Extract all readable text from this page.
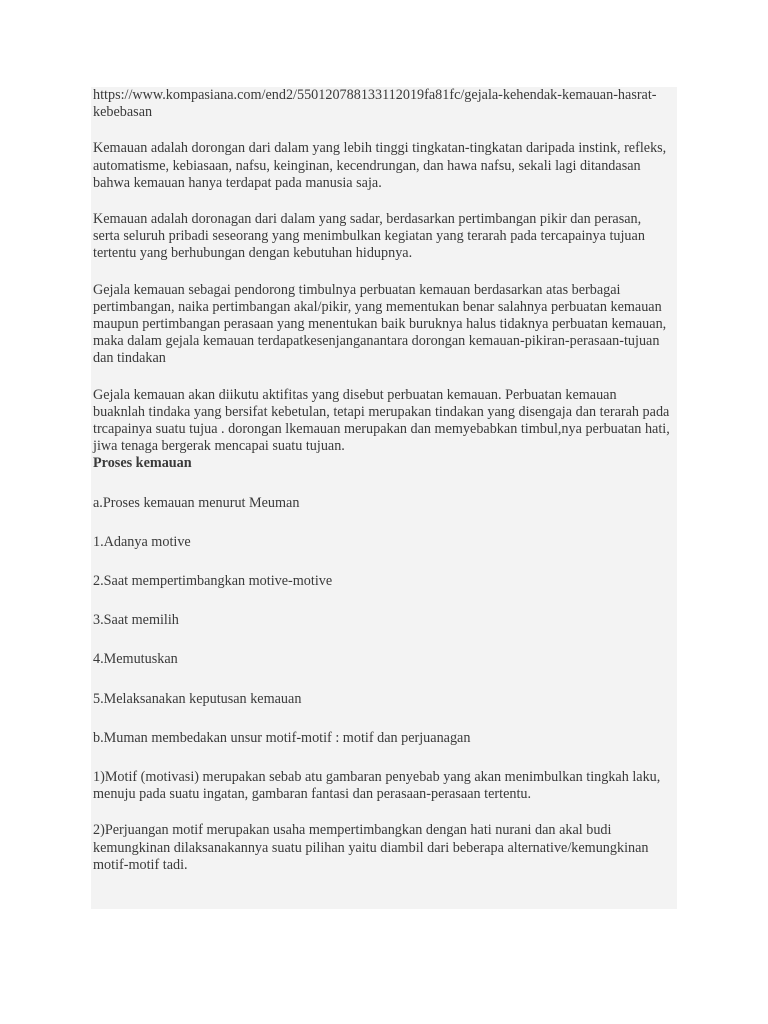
https://www.kompasiana.com/end2/550120788133112019fa81fc/gejala-kehendak-kemauan-hasrat-kebebasan

Kemauan adalah dorongan dari dalam yang lebih tinggi tingkatan-tingkatan daripada instink, refleks, automatisme, kebiasaan, nafsu, keinginan, kecendrungan, dan hawa nafsu, sekali lagi ditandasan bahwa kemauan hanya terdapat pada manusia saja.

Kemauan adalah doronagan dari dalam yang sadar, berdasarkan pertimbangan pikir dan perasan, serta seluruh pribadi seseorang yang menimbulkan kegiatan yang terarah pada tercapainya tujuan tertentu yang berhubungan dengan kebutuhan hidupnya.

Gejala kemauan sebagai pendorong timbulnya perbuatan kemauan berdasarkan atas berbagai pertimbangan, naika pertimbangan akal/pikir, yang mementukan benar salahnya perbuatan kemauan maupun pertimbangan perasaan yang menentukan baik buruknya halus tidaknya perbuatan kemauan, maka dalam gejala kemauan terdapatkesenjanganantara dorongan kemauan-pikiran-perasaan-tujuan dan tindakan

Gejala kemauan akan diikutu aktifitas yang disebut perbuatan kemauan. Perbuatan kemauan buaknlah tindaka yang bersifat kebetulan, tetapi merupakan tindakan yang disengaja dan terarah pada trcapainya suatu tujua . dorongan lkemauan merupakan dan memyebabkan timbul,nya perbuatan hati, jiwa tenaga bergerak mencapai suatu tujuan.

Proses kemauan

a.Proses kemauan menurut Meuman

1.Adanya motive

2.Saat mempertimbangkan motive-motive

3.Saat memilih

4.Memutuskan

5.Melaksanakan keputusan kemauan

b.Muman membedakan unsur motif-motif : motif dan perjuanagan

1)Motif (motivasi) merupakan sebab atu gambaran penyebab yang akan menimbulkan tingkah laku, menuju pada suatu ingatan, gambaran fantasi dan perasaan-perasaan tertentu.

2)Perjuangan motif merupakan usaha mempertimbangkan dengan hati nurani dan akal budi kemungkinan dilaksanakannya suatu pilihan yaitu diambil dari beberapa alternative/kemungkinan motif-motif tadi.
